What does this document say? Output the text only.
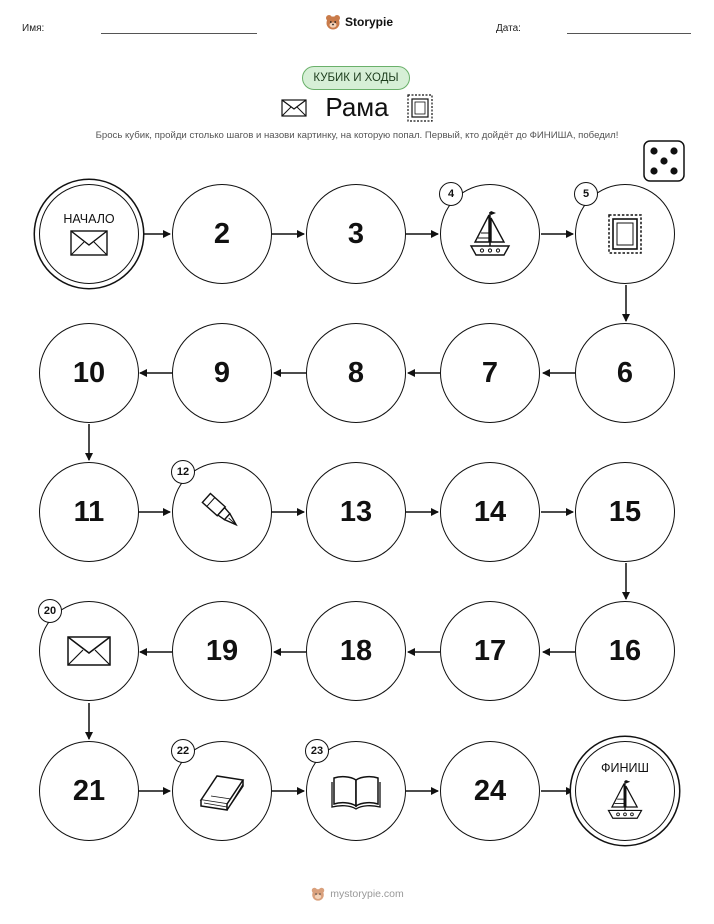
Имя:	Storypie	Дата:
КУБИК И ХОДЫ
Рама
Брось кубик, пройди столько шагов и назови картинку, на которую попал. Первый, кто дойдёт до ФИНИША, победил!
НАЧАЛО	2	3
4	5
6
7
8
9
10
11
12
13	14	15
16
17
18
19
20
21
22	23
24
ФИНИШ
mystorypie.com
